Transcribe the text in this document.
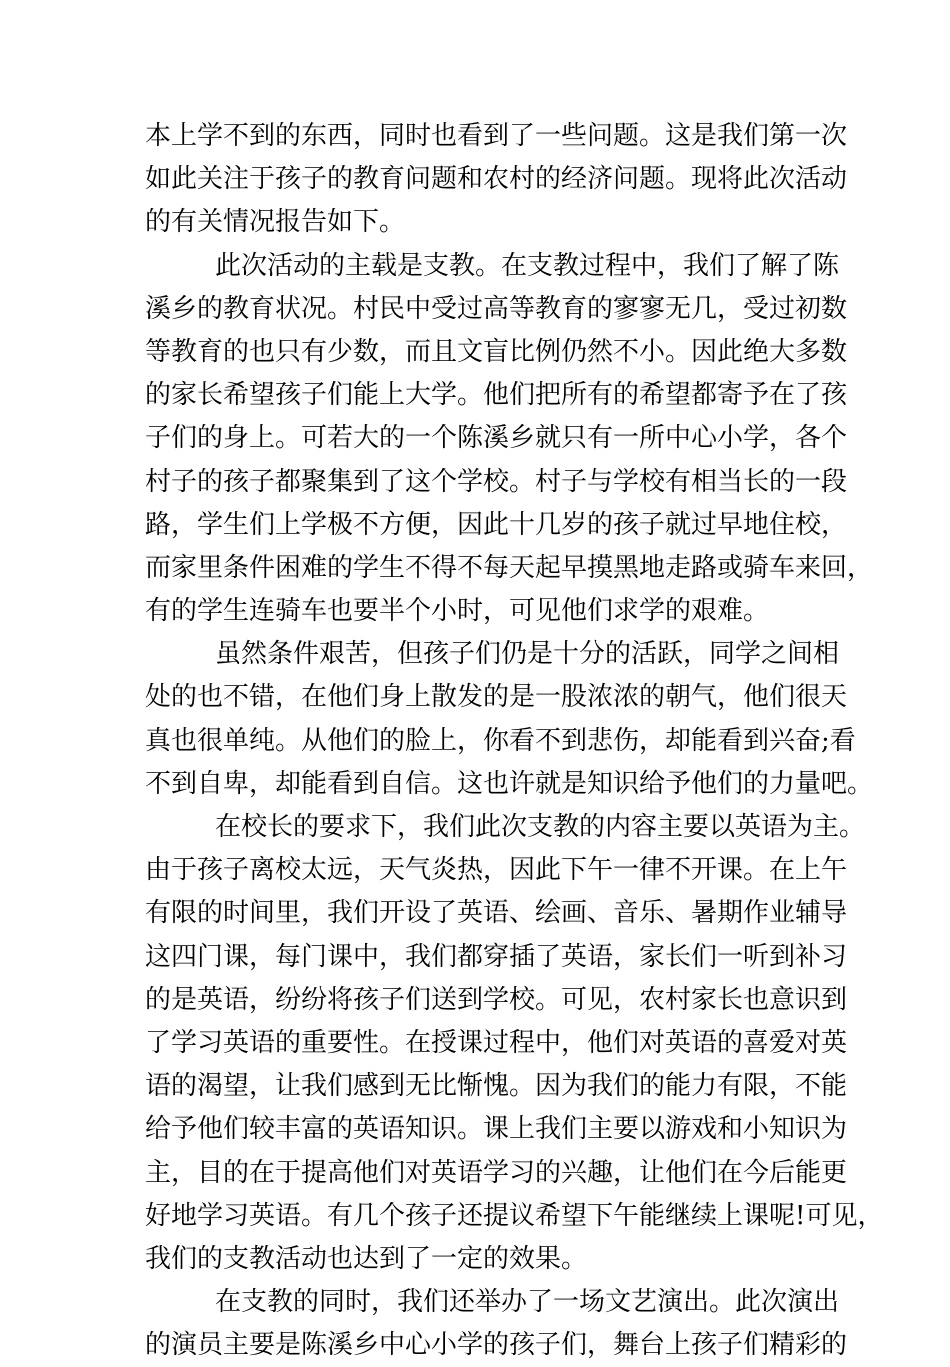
本上学不到的东西，同时也看到了一些问题。这是我们第一次
如此关注于孩子的教育问题和农村的经济问题。现将此次活动
的有关情况报告如下。
此次活动的主载是支教。在支教过程中，我们了解了陈
溪乡的教育状况。村民中受过高等教育的寥寥无几，受过初数
等教育的也只有少数，而且文盲比例仍然不小。因此绝大多数
的家长希望孩子们能上大学。他们把所有的希望都寄予在了孩
子们的身上。可若大的一个陈溪乡就只有一所中心小学，各个
村子的孩子都聚集到了这个学校。村子与学校有相当长的一段
路，学生们上学极不方便，因此十几岁的孩子就过早地住校，
而家里条件困难的学生不得不每天起早摸黑地走路或骑车来回，
有的学生连骑车也要半个小时，可见他们求学的艰难。
虽然条件艰苦，但孩子们仍是十分的活跃，同学之间相
处的也不错，在他们身上散发的是一股浓浓的朝气，他们很天
真也很单纯。从他们的脸上，你看不到悲伤，却能看到兴奋;看
不到自卑，却能看到自信。这也许就是知识给予他们的力量吧。
在校长的要求下，我们此次支教的内容主要以英语为主。
由于孩子离校太远，天气炎热，因此下午一律不开课。在上午
有限的时间里，我们开设了英语、绘画、音乐、暑期作业辅导
这四门课，每门课中，我们都穿插了英语，家长们一听到补习
的是英语，纷纷将孩子们送到学校。可见，农村家长也意识到
了学习英语的重要性。在授课过程中，他们对英语的喜爱对英
语的渴望，让我们感到无比惭愧。因为我们的能力有限，不能
给予他们较丰富的英语知识。课上我们主要以游戏和小知识为
主，目的在于提高他们对英语学习的兴趣，让他们在今后能更
好地学习英语。有几个孩子还提议希望下午能继续上课呢!可见，
我们的支教活动也达到了一定的效果。
在支教的同时，我们还举办了一场文艺演出。此次演出
的演员主要是陈溪乡中心小学的孩子们，舞台上孩子们精彩的
